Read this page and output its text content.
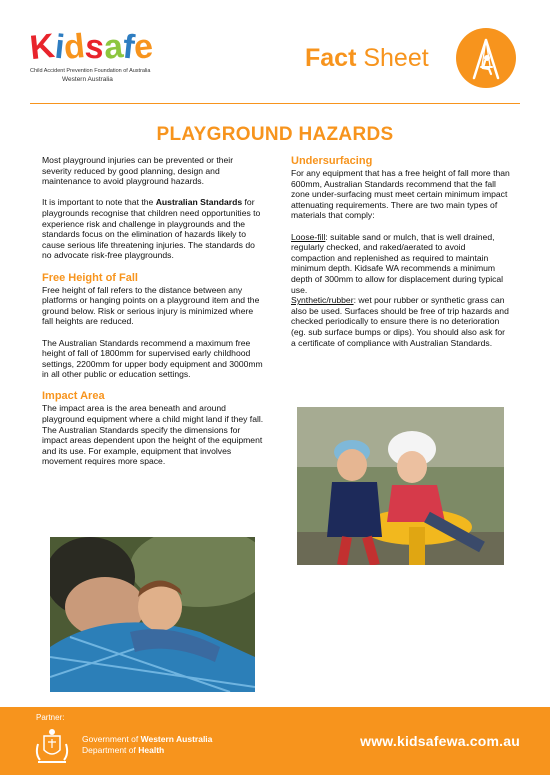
Kidsafe
Child Accident Prevention Foundation of Australia
Western Australia
Fact Sheet
PLAYGROUND HAZARDS

Most playground injuries can be prevented or their severity reduced by good planning, design and maintenance to avoid playground hazards.

It is important to note that the Australian Standards for playgrounds recognise that children need opportunities to experience risk and challenge in playgrounds and the standards focus on the elimination of hazards likely to cause serious life threatening injuries. The standards do no advocate risk-free playgrounds.

Free Height of Fall

Free height of fall refers to the distance between any platforms or hanging points on a playground item and the ground below. Risk or serious injury is minimized where fall heights are reduced.

The Australian Standards recommend a maximum free height of fall of 1800mm for supervised early childhood settings, 2200mm for upper body equipment and 3000mm in all other public or education settings.

Impact Area

The impact area is the area beneath and around playground equipment where a child might land if they fall. The Australian Standards specify the dimensions for impact areas dependent upon the height of the equipment and its use. For example, equipment that involves movement requires more space.

Undersurfacing

For any equipment that has a free height of fall more than 600mm, Australian Standards recommend that the fall zone under-surfacing must meet certain minimum impact attenuating requirements. There are two main types of materials that comply:

Loose-fill: suitable sand or mulch, that is well drained, regularly checked, and raked/aerated to avoid compaction and replenished as required to maintain minimum depth. Kidsafe WA recommends a minimum depth of 300mm to allow for displacement during typical use.
Synthetic/rubber: wet pour rubber or synthetic grass can also be used. Surfaces should be free of trip hazards and checked periodically to ensure there is no deterioration (eg. sub surface bumps or dips). You should also ask for a certificate of compliance with Australian Standards.

Partner:
Government of Western Australia
Department of Health
www.kidsafewa.com.au
